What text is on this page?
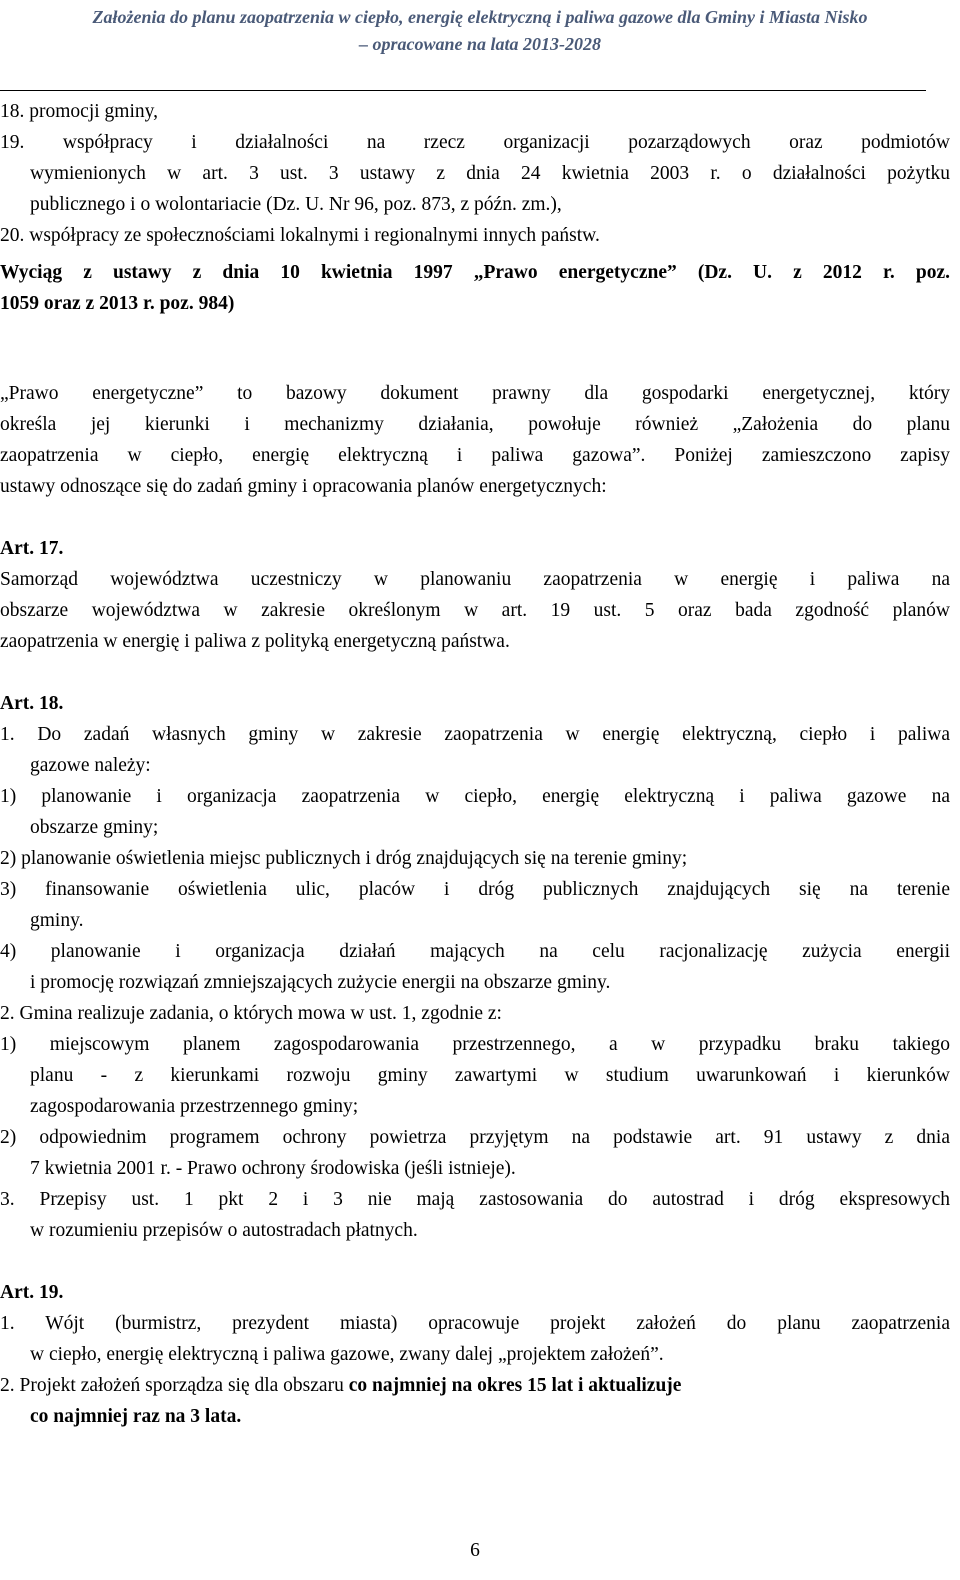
Założenia do planu zaopatrzenia w ciepło, energię elektryczną i paliwa gazowe dla Gminy i Miasta Nisko
– opracowane na lata 2013-2028
18. promocji gminy,
19. współpracy i działalności na rzecz organizacji pozarządowych oraz podmiotów
wymienionych w art. 3 ust. 3 ustawy z dnia 24 kwietnia 2003 r. o działalności pożytku
publicznego i o wolontariacie (Dz. U. Nr 96, poz. 873, z późn. zm.),
20. współpracy ze społecznościami lokalnymi i regionalnymi innych państw.
Wyciąg z ustawy z dnia 10 kwietnia 1997 „Prawo energetyczne” (Dz. U. z 2012 r. poz.
1059 oraz z 2013 r. poz. 984)
„Prawo energetyczne” to bazowy dokument prawny dla gospodarki energetycznej, który
określa jej kierunki i mechanizmy działania, powołuje również „Założenia do planu
zaopatrzenia w ciepło, energię elektryczną i paliwa gazowa”. Poniżej zamieszczono zapisy
ustawy odnoszące się do zadań gminy i opracowania planów energetycznych:
Art. 17.
Samorząd województwa uczestniczy w planowaniu zaopatrzenia w energię i paliwa na
obszarze województwa w zakresie określonym w art. 19 ust. 5 oraz bada zgodność planów
zaopatrzenia w energię i paliwa z polityką energetyczną państwa.
Art. 18.
1. Do zadań własnych gminy w zakresie zaopatrzenia w energię elektryczną, ciepło i paliwa
gazowe należy:
1) planowanie i organizacja zaopatrzenia w ciepło, energię elektryczną i paliwa gazowe na
obszarze gminy;
2) planowanie oświetlenia miejsc publicznych i dróg znajdujących się na terenie gminy;
3) finansowanie oświetlenia ulic, placów i dróg publicznych znajdujących się na terenie
gminy.
4) planowanie i organizacja działań mających na celu racjonalizację zużycia energii
i promocję rozwiązań zmniejszających zużycie energii na obszarze gminy.
2. Gmina realizuje zadania, o których mowa w ust. 1, zgodnie z:
1) miejscowym planem zagospodarowania przestrzennego, a w przypadku braku takiego
planu - z kierunkami rozwoju gminy zawartymi w studium uwarunkowań i kierunków
zagospodarowania przestrzennego gminy;
2) odpowiednim programem ochrony powietrza przyjętym na podstawie art. 91 ustawy z dnia
7 kwietnia 2001 r. - Prawo ochrony środowiska (jeśli istnieje).
3. Przepisy ust. 1 pkt 2 i 3 nie mają zastosowania do autostrad i dróg ekspresowych
w rozumieniu przepisów o autostradach płatnych.
Art. 19.
1. Wójt (burmistrz, prezydent miasta) opracowuje projekt założeń do planu zaopatrzenia
w ciepło, energię elektryczną i paliwa gazowe, zwany dalej „projektem założeń”.
2. Projekt założeń sporządza się dla obszaru co najmniej na okres 15 lat i aktualizuje
co najmniej raz na 3 lata.
6
